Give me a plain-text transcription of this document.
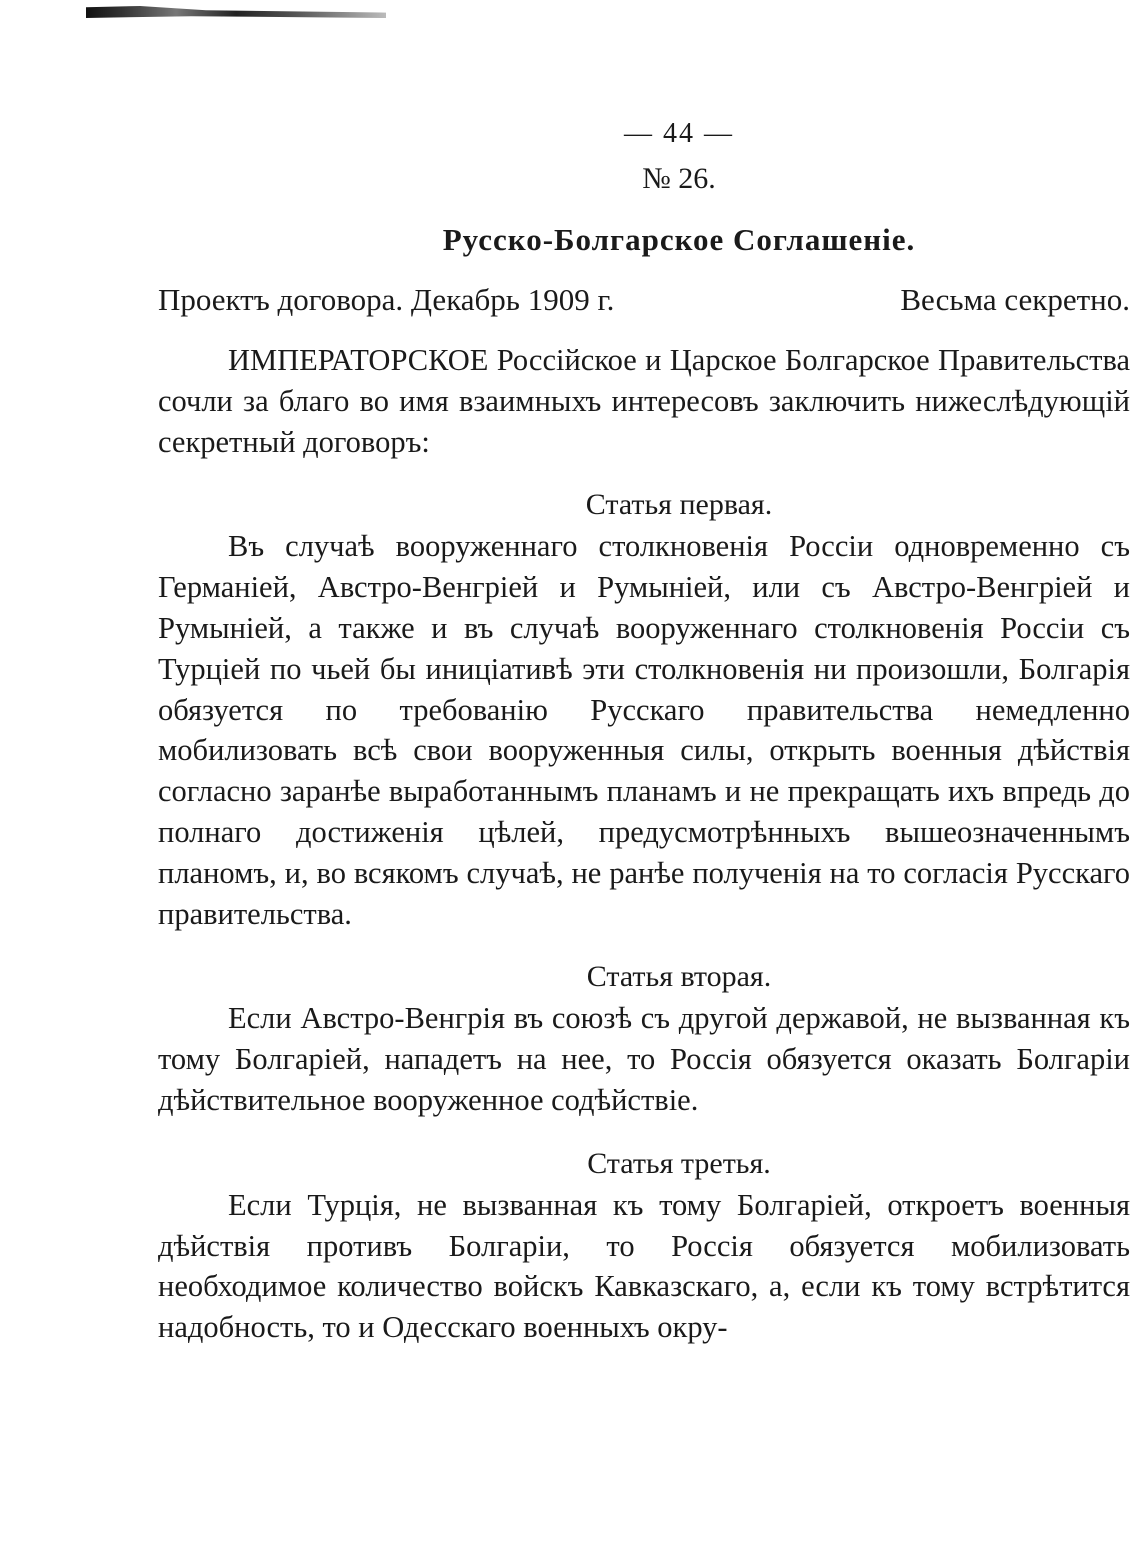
— 44 —
№ 26.
Русско-Болгарское Соглашеніе.
Проектъ договора. Декабрь 1909 г.	Весьма секретно.

ИМПЕРАТОРСКОЕ Россійское и Царское Болгарское Правительства сочли за благо во имя взаимныхъ интересовъ заключить нижеслѣдующій секретный договоръ:

Статья первая.

Въ случаѣ вооруженнаго столкновенія Россіи одновременно съ Германіей, Австро-Венгріей и Румыніей, или съ Австро-Венгріей и Румыніей, а также и въ случаѣ вооруженнаго столкновенія Россіи съ Турціей по чьей бы иниціативѣ эти столкновенія ни произошли, Болгарія обязуется по требованію Русскаго правительства немедленно мобилизовать всѣ свои вооруженныя силы, открыть военныя дѣйствія согласно заранѣе выработаннымъ планамъ и не прекращать ихъ впредь до полнаго достиженія цѣлей, предусмотрѣнныхъ вышеозначеннымъ планомъ, и, во всякомъ случаѣ, не ранѣе полученія на то согласія Русскаго правительства.

Статья вторая.

Если Австро-Венгрія въ союзѣ съ другой державой, не вызванная къ тому Болгаріей, нападетъ на нее, то Россія обязуется оказать Болгаріи дѣйствительное вооруженное содѣйствіе.

Статья третья.

Если Турція, не вызванная къ тому Болгаріей, откроетъ военныя дѣйствія противъ Болгаріи, то Россія обязуется мобилизовать необходимое количество войскъ Кавказскаго, а, если къ тому встрѣтится надобность, то и Одесскаго военныхъ окру-
